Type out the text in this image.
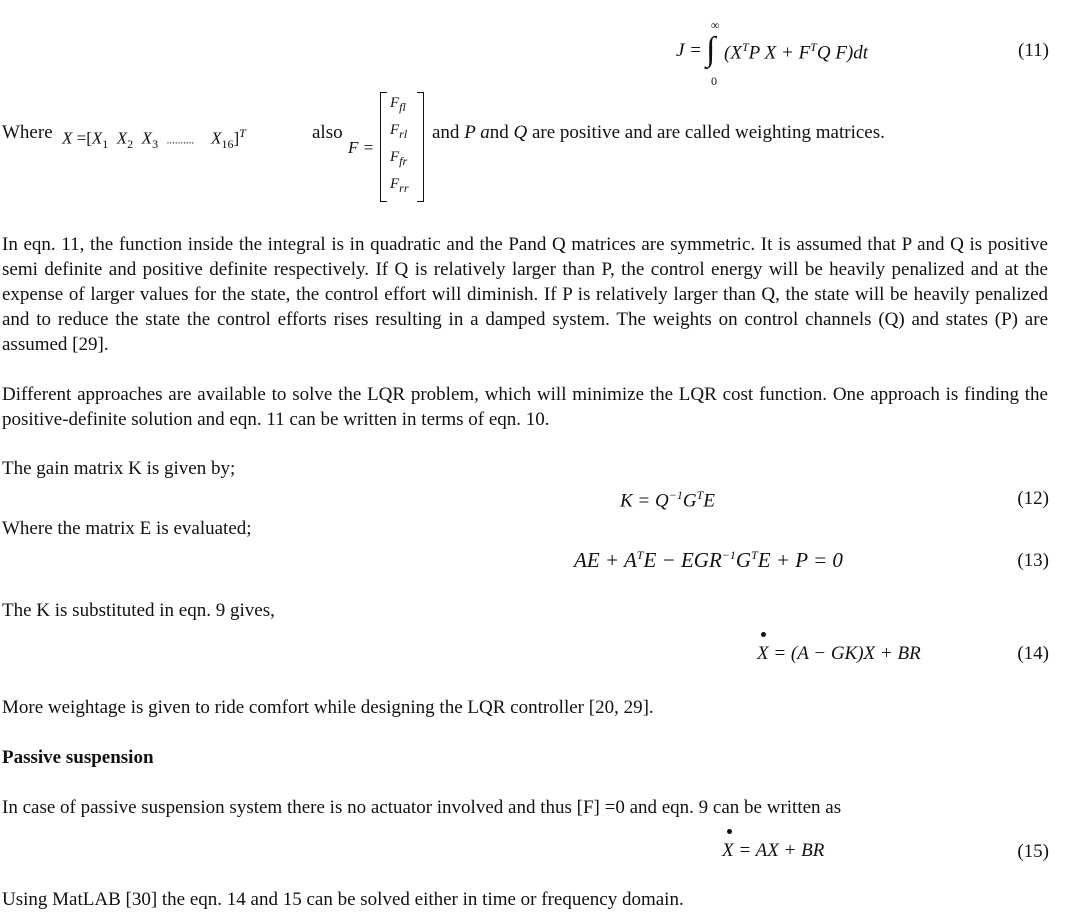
J =
∞
∫
0
($X^TP$ $X + F^TQ$ F)dt	(11)
Where $X =[X_1$ $X_2$ $X_3$ .......... $X_{16}]^T$	also
F =
$F_{fl}$
$F_{rl}$
$F_{fr}$
$F_{rr}$
and P and Q are positive and are called weighting matrices.
In eqn. 11, the function inside the integral is in quadratic and the Pand Q matrices are symmetric. It is assumed that P and Q is positive semi definite and positive definite respectively. If Q is relatively larger than P, the control energy will be heavily penalized and at the expense of larger values for the state, the control effort will diminish. If P is relatively larger than Q, the state will be heavily penalized and to reduce the state the control efforts rises resulting in a damped system. The weights on control channels (Q) and states (P) are assumed [29].
Different approaches are available to solve the LQR problem, which will minimize the LQR cost function. One approach is finding the positive-definite solution and eqn. 11 can be written in terms of eqn. 10.
The gain matrix K is given by;
$K = Q^{-1}G^TE$	(12)
Where the matrix E is evaluated;
AE + $A^TE - EGR^{-1}G^TE + P = 0$	(13)
The K is substituted in eqn. 9 gives,
X = (A − GK)X + BR	(14)
More weightage is given to ride comfort while designing the LQR controller [20, 29].
Passive suspension
In case of passive suspension system there is no actuator involved and thus [F] =0 and eqn. 9 can be written as
X = AX + BR	(15)
Using MatLAB [30] the eqn. 14 and 15 can be solved either in time or frequency domain.
